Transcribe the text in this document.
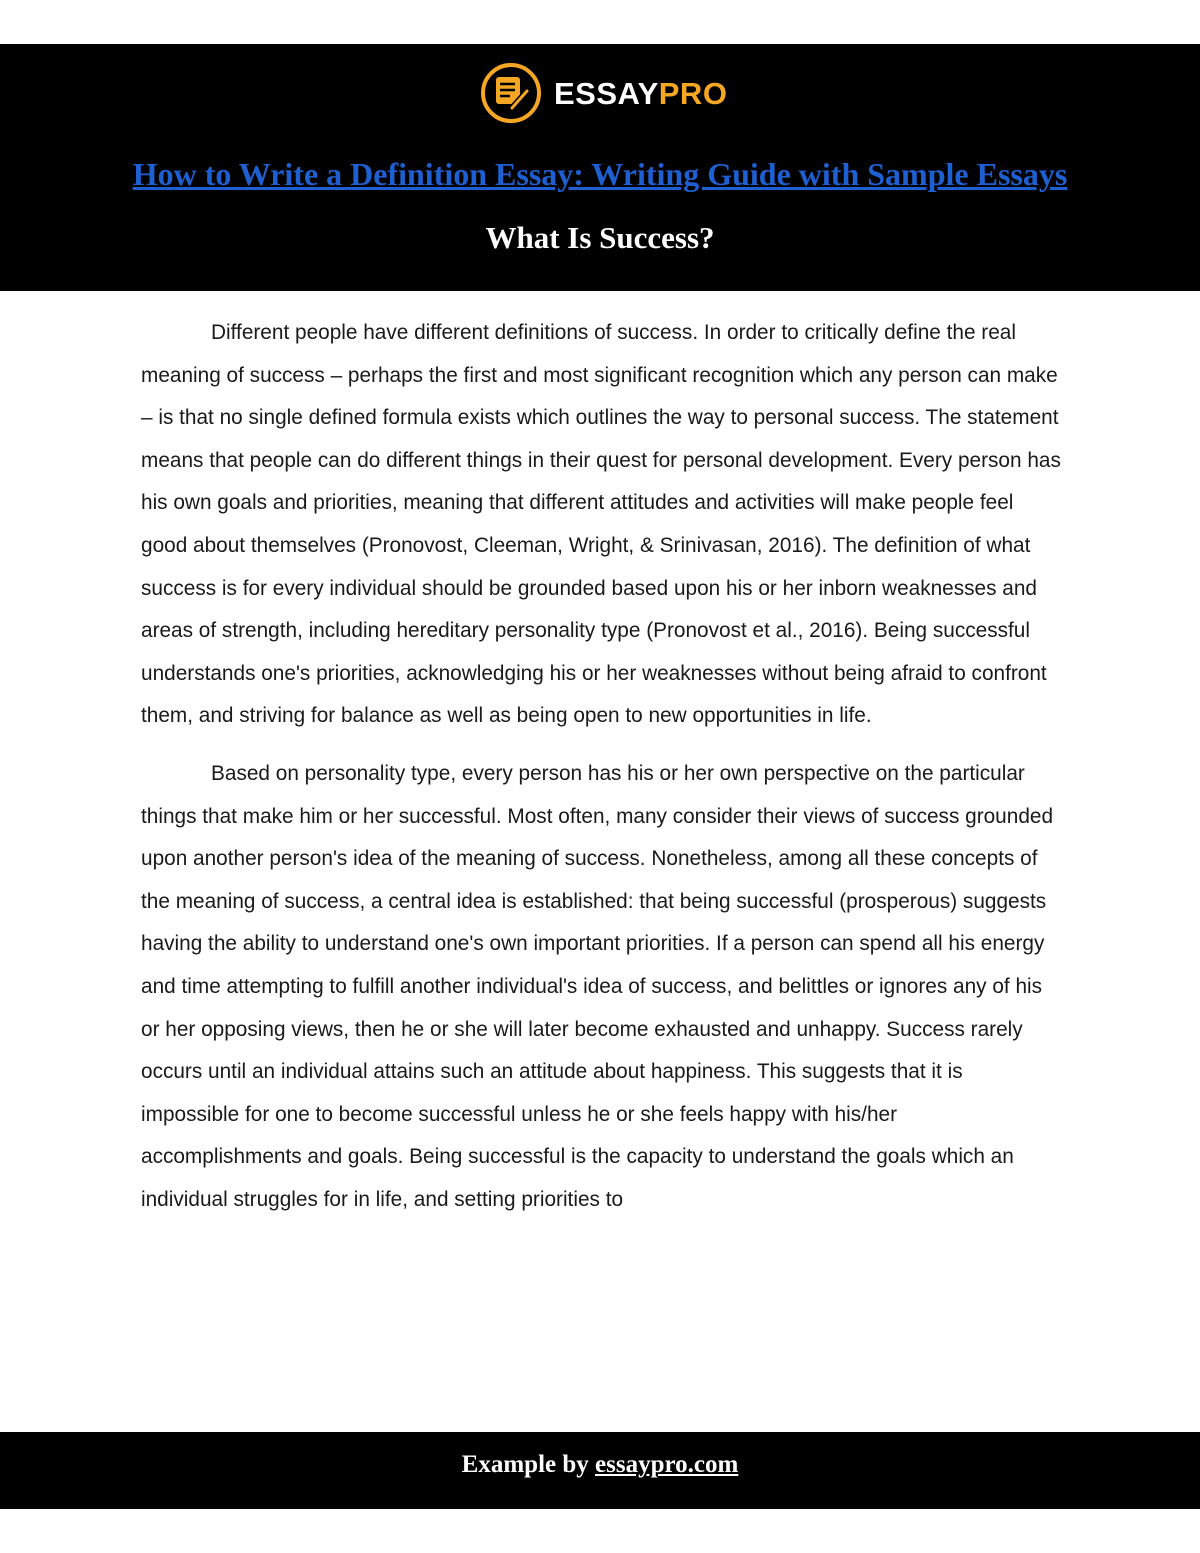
ESSAYPRO
How to Write a Definition Essay: Writing Guide with Sample Essays
What Is Success?

Different people have different definitions of success. In order to critically define the real meaning of success – perhaps the first and most significant recognition which any person can make – is that no single defined formula exists which outlines the way to personal success. The statement means that people can do different things in their quest for personal development. Every person has his own goals and priorities, meaning that different attitudes and activities will make people feel good about themselves (Pronovost, Cleeman, Wright, & Srinivasan, 2016). The definition of what success is for every individual should be grounded based upon his or her inborn weaknesses and areas of strength, including hereditary personality type (Pronovost et al., 2016). Being successful understands one's priorities, acknowledging his or her weaknesses without being afraid to confront them, and striving for balance as well as being open to new opportunities in life.

Based on personality type, every person has his or her own perspective on the particular things that make him or her successful. Most often, many consider their views of success grounded upon another person's idea of the meaning of success. Nonetheless, among all these concepts of the meaning of success, a central idea is established: that being successful (prosperous) suggests having the ability to understand one's own important priorities. If a person can spend all his energy and time attempting to fulfill another individual's idea of success, and belittles or ignores any of his or her opposing views, then he or she will later become exhausted and unhappy. Success rarely occurs until an individual attains such an attitude about happiness. This suggests that it is impossible for one to become successful unless he or she feels happy with his/her accomplishments and goals. Being successful is the capacity to understand the goals which an individual struggles for in life, and setting priorities to

Example by essaypro.com
